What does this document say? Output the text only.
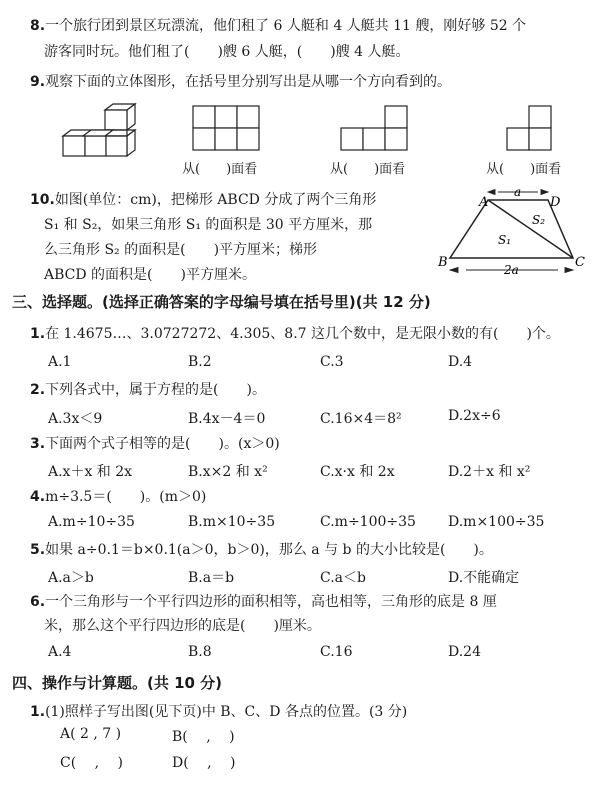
8.一个旅行团到景区玩漂流，他们租了 6 人艇和 4 人艇共 11 艘，刚好够 52 个
游客同时玩。他们租了(　　)艘 6 人艇，(　　)艘 4 人艇。
9.观察下面的立体图形，在括号里分别写出是从哪一个方向看到的。
从(　　)面看	从(　　)面看	从(　　)面看
10.如图(单位：cm)，把梯形 ABCD 分成了两个三角形
S₁ 和 S₂，如果三角形 S₁ 的面积是 30 平方厘米，那
么三角形 S₂ 的面积是(　　)平方厘米；梯形
ABCD 的面积是(　　)平方厘米。
A	D
B	C
a
2a
S₁
S₂
三、选择题。(选择正确答案的字母编号填在括号里)(共 12 分)
1.在 1.4675…、3.0727272、4.305、8.7 这几个数中，是无限小数的有(　　)个。
A.1	B.2	C.3	D.4
2.下列各式中，属于方程的是(　　)。
A.3x＜9	B.4x－4＝0	C.16×4＝8²	D.2x÷6
3.下面两个式子相等的是(　　)。(x＞0)
A.x＋x 和 2x	B.x×2 和 x²	C.x·x 和 2x	D.2＋x 和 x²
4.m÷3.5＝(　　)。(m＞0)
A.m÷10÷35	B.m×10÷35	C.m÷100÷35 D.m×100÷35
5.如果 a÷0.1＝b×0.1(a＞0，b＞0)，那么 a 与 b 的大小比较是(　　)。
A.a＞b	B.a＝b	C.a＜b	D.不能确定
6.一个三角形与一个平行四边形的面积相等，高也相等，三角形的底是 8 厘
米，那么这个平行四边形的底是(　　)厘米。
A.4	B.8	C.16	D.24
四、操作与计算题。(共 10 分)
1.(1)照样子写出图(见下页)中 B、C、D 各点的位置。(3 分)
A( 2 , 7 )	B(　 ,　 )
C(　 ,　 )	D(　 ,　 )
